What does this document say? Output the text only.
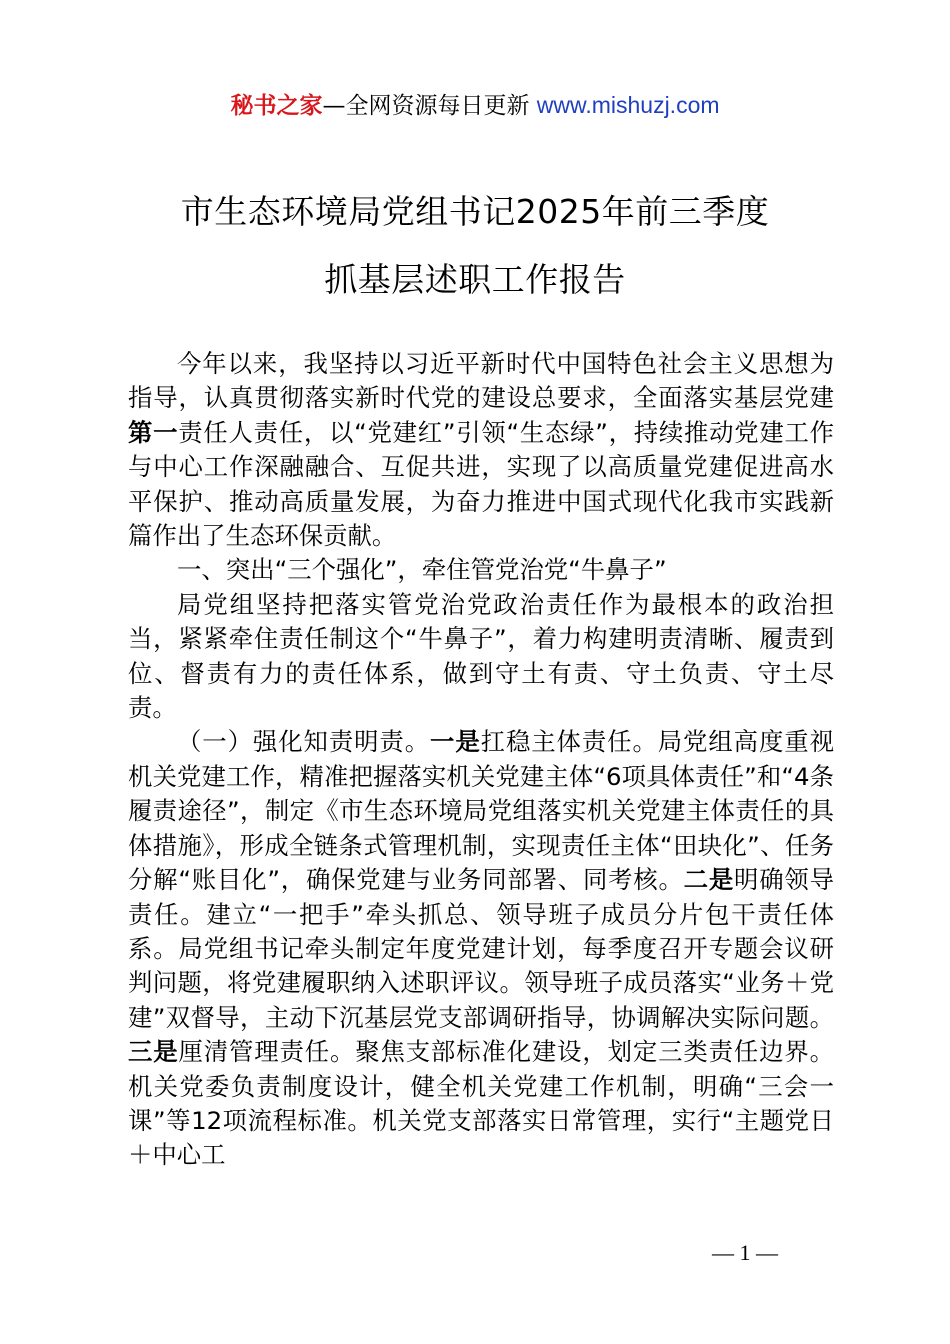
秘书之家—全网资源每日更新 www.mishuzj.com
市生态环境局党组书记2025年前三季度
抓基层述职工作报告

今年以来，我坚持以习近平新时代中国特色社会主义思想为指导，认真贯彻落实新时代党的建设总要求，全面落实基层党建第一责任人责任，以“党建红”引领“生态绿”，持续推动党建工作与中心工作深融融合、互促共进，实现了以高质量党建促进高水平保护、推动高质量发展，为奋力推进中国式现代化我市实践新篇作出了生态环保贡献。

一、突出“三个强化”，牵住管党治党“牛鼻子”

局党组坚持把落实管党治党政治责任作为最根本的政治担当，紧紧牵住责任制这个“牛鼻子”，着力构建明责清晰、履责到位、督责有力的责任体系，做到守土有责、守土负责、守土尽责。

（一）强化知责明责。一是扛稳主体责任。局党组高度重视机关党建工作，精准把握落实机关党建主体“6项具体责任”和“4条履责途径”，制定《市生态环境局党组落实机关党建主体责任的具体措施》，形成全链条式管理机制，实现责任主体“田块化”、任务分解“账目化”，确保党建与业务同部署、同考核。二是明确领导责任。建立“一把手”牵头抓总、领导班子成员分片包干责任体系。局党组书记牵头制定年度党建计划，每季度召开专题会议研判问题，将党建履职纳入述职评议。领导班子成员落实“业务＋党建”双督导，主动下沉基层党支部调研指导，协调解决实际问题。三是厘清管理责任。聚焦支部标准化建设，划定三类责任边界。机关党委负责制度设计，健全机关党建工作机制，明确“三会一课”等12项流程标准。机关党支部落实日常管理，实行“主题党日＋中心工

— 1 —
